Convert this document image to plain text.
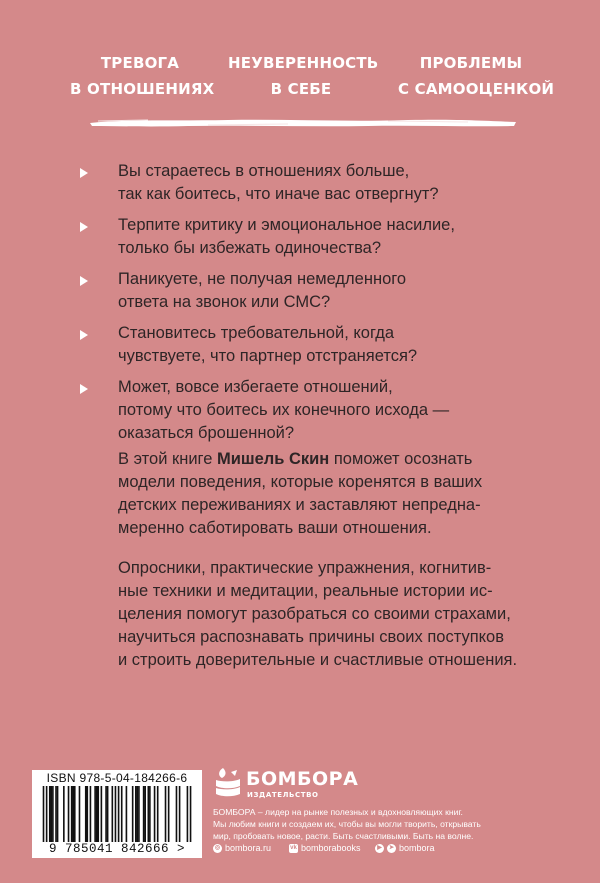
ТРЕВОГА
В ОТНОШЕНИЯХ
НЕУВЕРЕННОСТЬ
В СЕБЕ
ПРОБЛЕМЫ
С САМООЦЕНКОЙ
Вы стараетесь в отношениях больше,
так как боитесь, что иначе вас отвергнут?
Терпите критику и эмоциональное насилие,
только бы избежать одиночества?
Паникуете, не получая немедленного
ответа на звонок или СМС?
Становитесь требовательной, когда
чувствуете, что партнер отстраняется?
Может, вовсе избегаете отношений,
потому что боитесь их конечного исхода —
оказаться брошенной?
В этой книге Мишель Скин поможет осознать
модели поведения, которые коренятся в ваших
детских переживаниях и заставляют непредна-
меренно саботировать ваши отношения.
Опросники, практические упражнения, когнитив-
ные техники и медитации, реальные истории ис-
целения помогут разобраться со своими страхами,
научиться распознавать причины своих поступков
и строить доверительные и счастливые отношения.
ISBN 978-5-04-184266-6
9 785041 842666 >
БОМБОРА
ИЗДАТЕЛЬСТВО
БОМБОРА – лидер на рынке полезных и вдохновляющих книг.
Мы любим книги и создаем их, чтобы вы могли творить, открывать
мир, пробовать новое, расти. Быть счастливыми. Быть на волне.
◎ bombora.ru	vk bomborabooks	▶	➤ bombora
